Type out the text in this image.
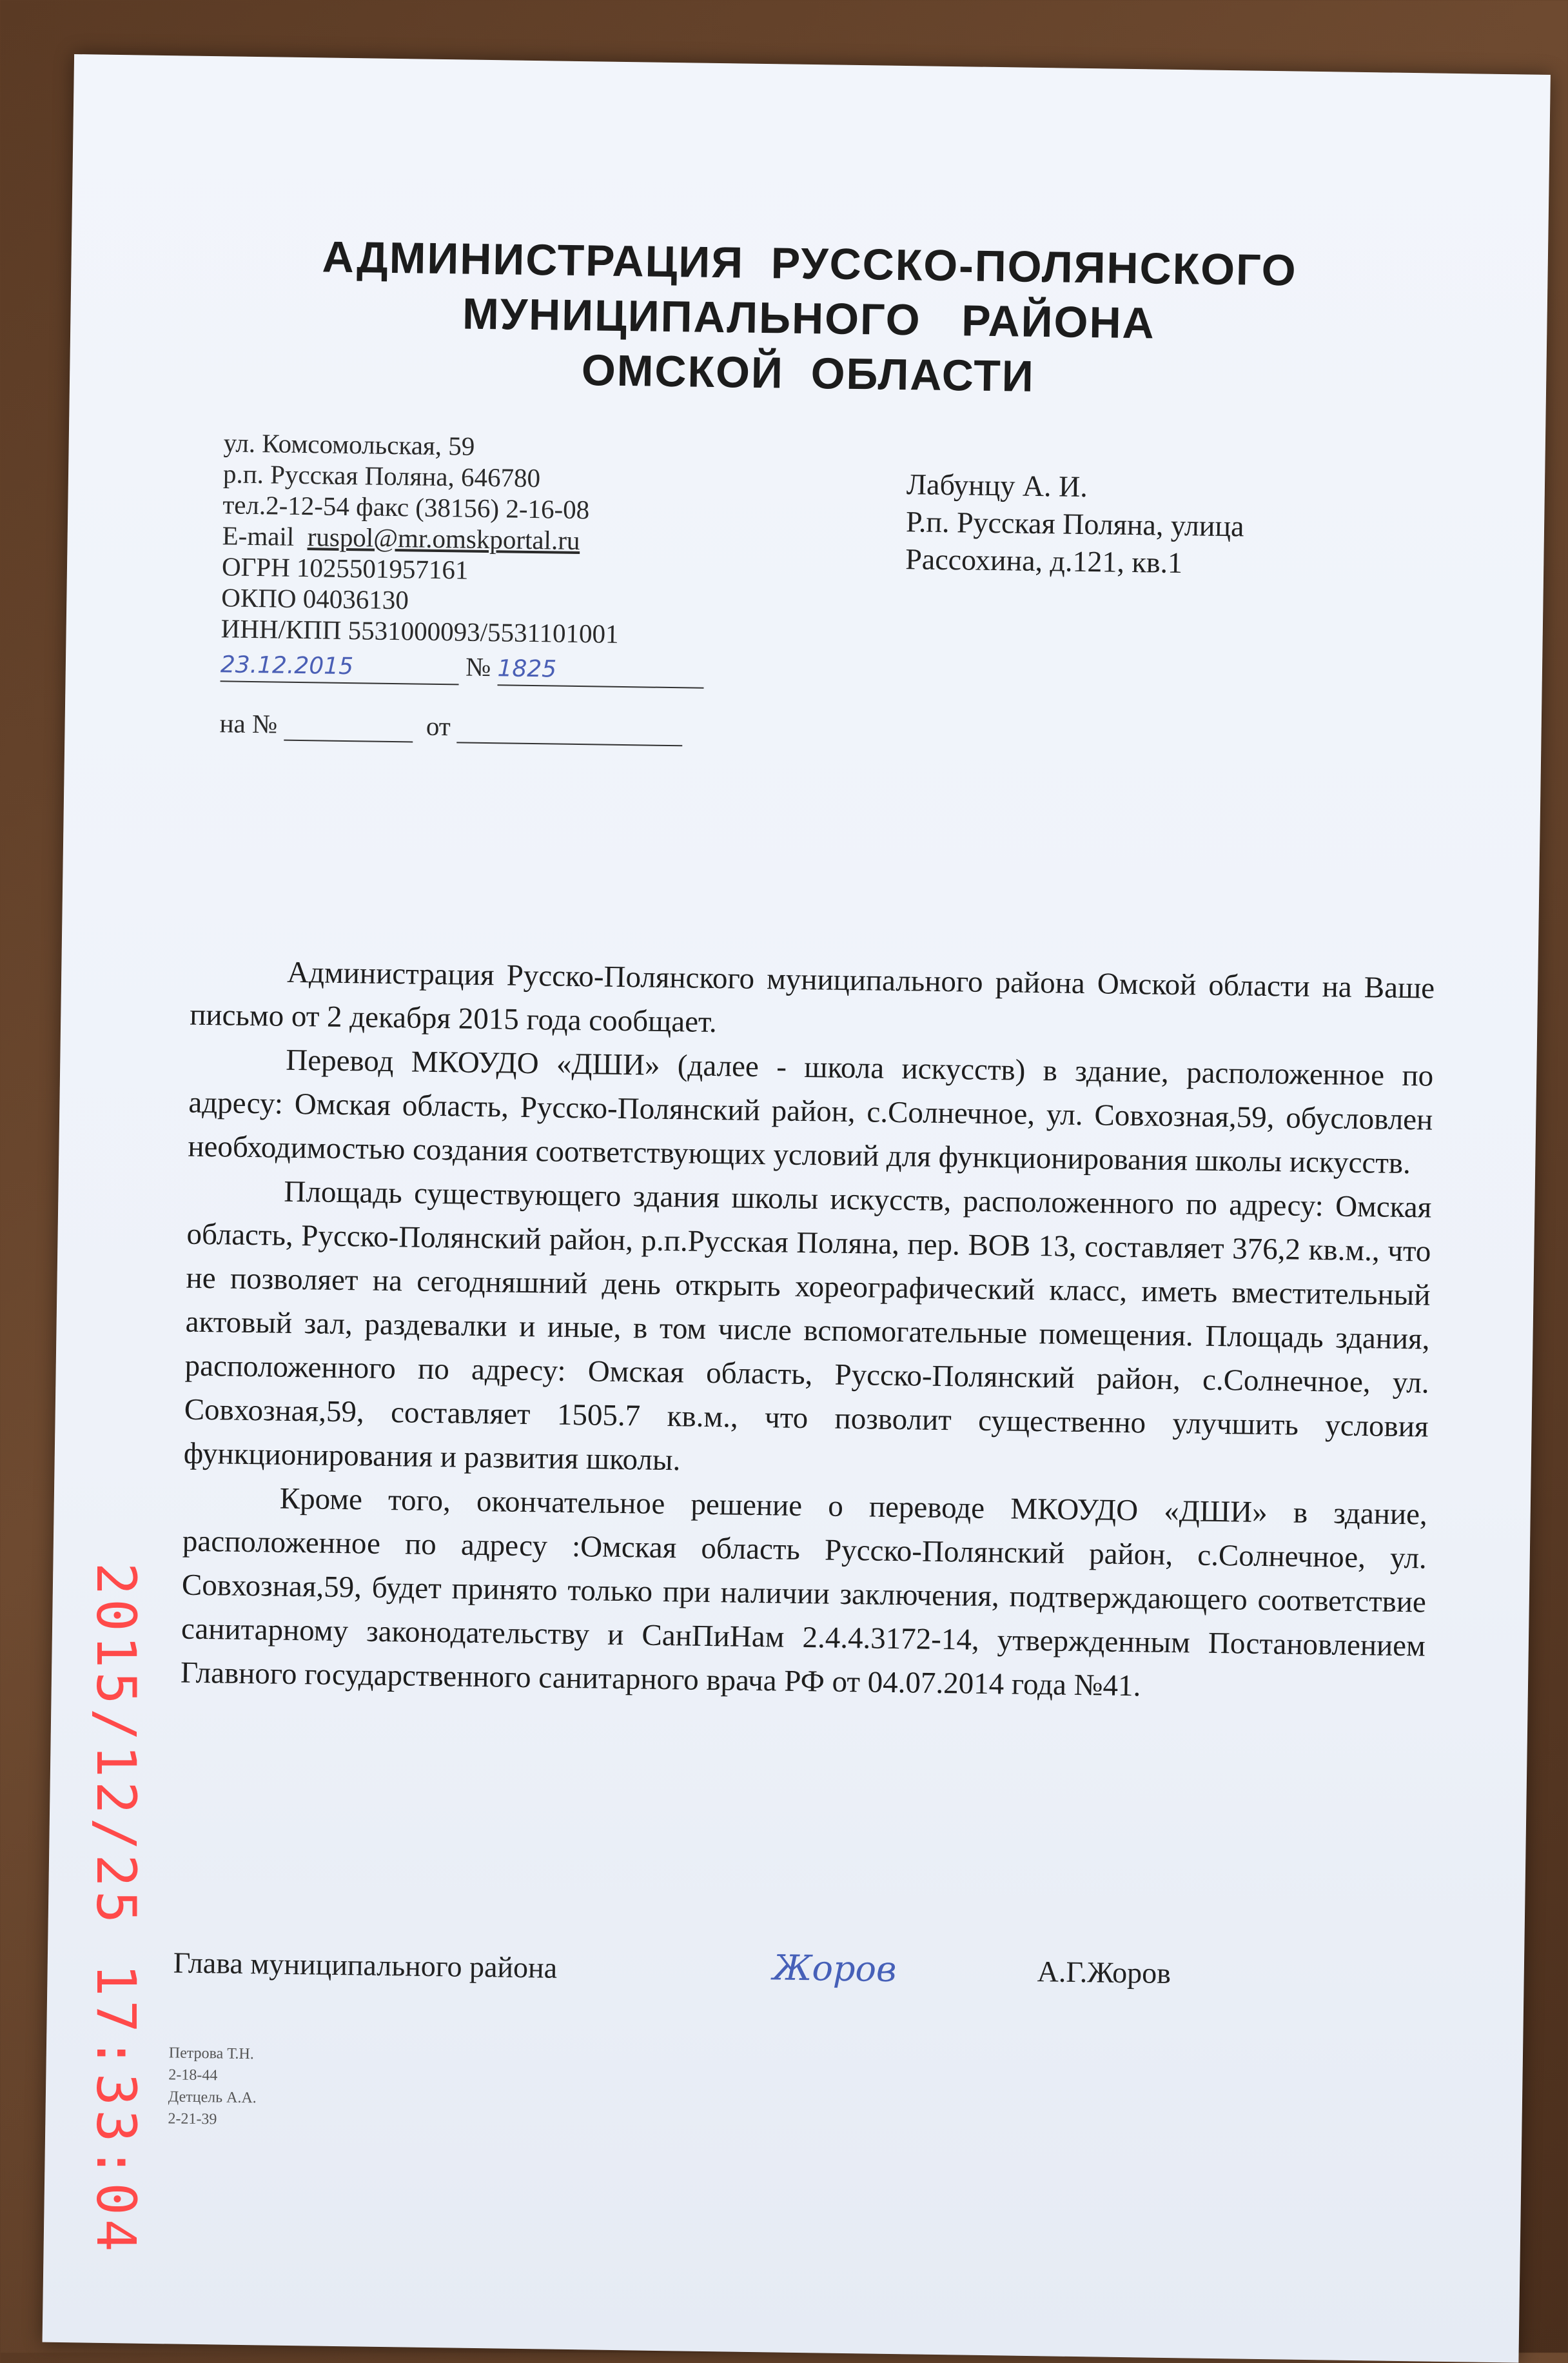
АДМИНИСТРАЦИЯ  РУССКО-ПОЛЯНСКОГО
МУНИЦИПАЛЬНОГО   РАЙОНА
ОМСКОЙ  ОБЛАСТИ
ул. Комсомольская, 59
р.п. Русская Поляна, 646780
тел.2-12-54 факс (38156) 2-16-08
E-mail ruspol@mr.omskportal.ru
ОГРН 1025501957161
ОКПО 04036130
ИНН/КПП 5531000093/5531101001
23.12.2015	№ 1825
на №	от
Лабунцу А. И.
Р.п. Русская Поляна, улица
Рассохина, д.121, кв.1

Администрация Русско-Полянского муниципального района Омской области на Ваше письмо от 2 декабря 2015 года сообщает.

Перевод МКОУДО «ДШИ» (далее - школа искусств) в здание, расположенное по адресу: Омская область, Русско-Полянский район, с.Солнечное, ул. Совхозная,59, обусловлен необходимостью создания соответствующих условий для функционирования школы искусств.

Площадь существующего здания школы искусств, расположенного по адресу: Омская область, Русско-Полянский район, р.п.Русская Поляна, пер. ВОВ 13, составляет 376,2 кв.м., что не позволяет на сегодняшний день открыть хореографический класс, иметь вместительный актовый зал, раздевалки и иные, в том числе вспомогательные помещения. Площадь здания, расположенного по адресу: Омская область, Русско-Полянский район, с.Солнечное, ул. Совхозная,59, составляет 1505.7 кв.м., что позволит существенно улучшить условия функционирования и развития школы.

Кроме того, окончательное решение о переводе МКОУДО «ДШИ» в здание, расположенное по адресу :Омская область Русско-Полянский район, с.Солнечное, ул. Совхозная,59, будет принято только при наличии заключения, подтверждающего соответствие санитарному законодательству и СанПиНам 2.4.4.3172-14, утвержденным Постановлением Главного государственного санитарного врача РФ от 04.07.2014 года №41.

Глава муниципального района	Жоров	А.Г.Жоров
Петрова Т.Н.
2-18-44
Детцель А.А.
2-21-39
2015/12/25 17:33:04
